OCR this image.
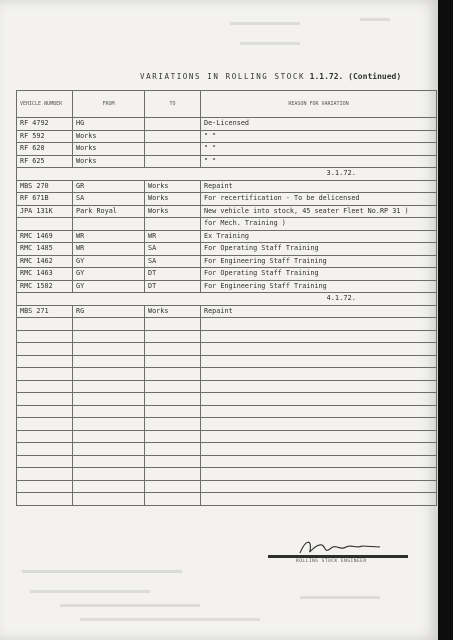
VARIATIONS IN ROLLING STOCK 1.1.72. (Continued)
VEHICLE NUMBER	FROM	TO	REASON FOR VARIATION
RF 4792	HG		De-Licensed
RF 592	Works		" "
RF 620	Works		" "
RF 625	Works		" "
3.1.72.			
MBS 270	GR	Works	Repaint
RF 671B	SA	Works	For recertification - To be delicensed
JPA 131K	Park Royal	Works	New vehicle into stock, 45 seater Fleet No.RP 31 )
			for Mech. Training )
RMC 1469	WR	WR	Ex Training
RMC 1485	WR	SA	For Operating Staff Training
RMC 1462	GY	SA	For Engineering Staff Training
RMC 1463	GY	DT	For Operating Staff Training
RMC 1502	GY	DT	For Engineering Staff Training
4.1.72.			
MBS 271	RG	Works	Repaint

ROLLING STOCK ENGINEER
